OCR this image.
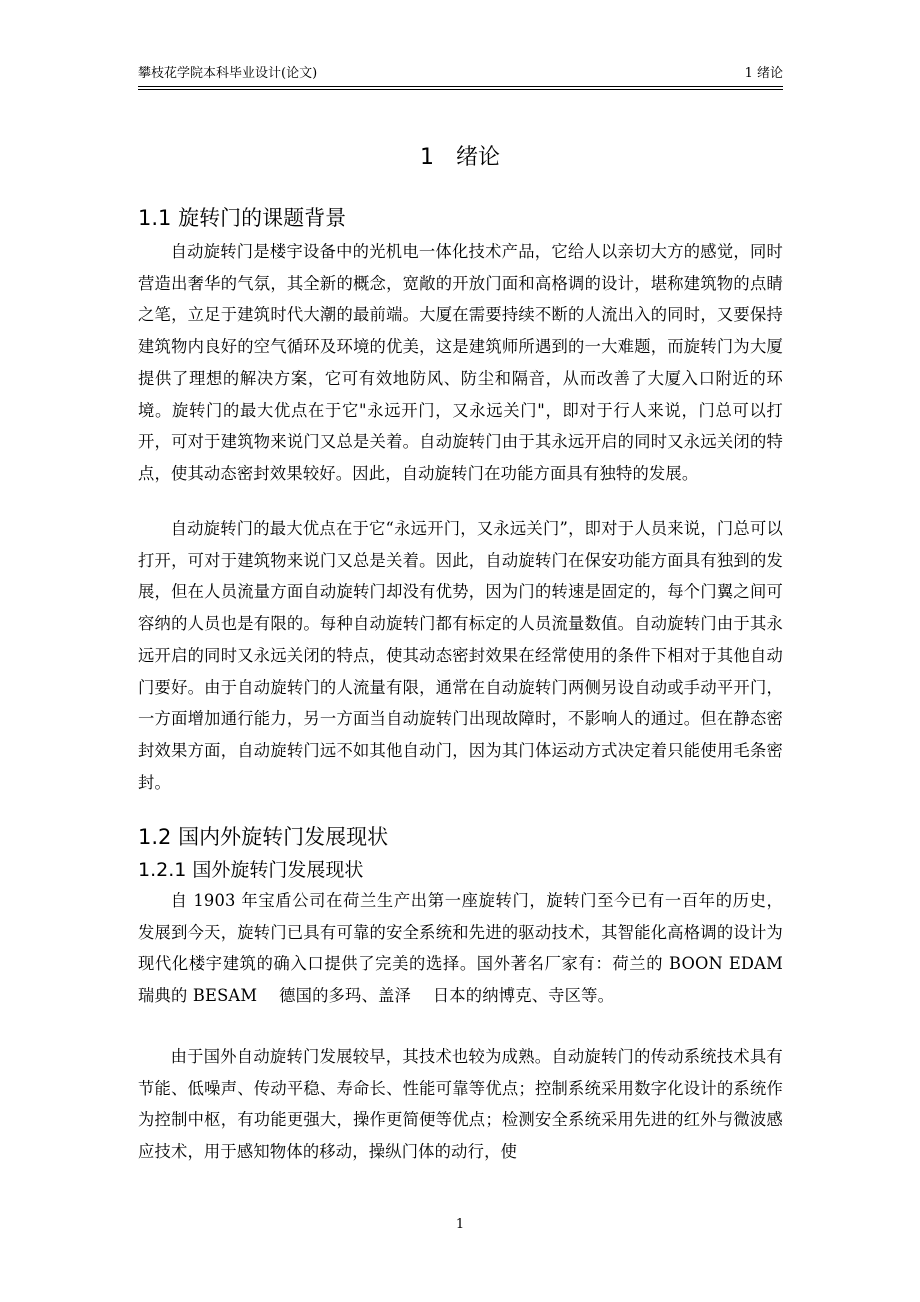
攀枝花学院本科毕业设计(论文)	1 绪论
1 绪论
1.1 旋转门的课题背景

自动旋转门是楼宇设备中的光机电一体化技术产品，它给人以亲切大方的感觉，同时营造出奢华的气氛，其全新的概念，宽敞的开放门面和高格调的设计，堪称建筑物的点睛之笔，立足于建筑时代大潮的最前端。大厦在需要持续不断的人流出入的同时，又要保持建筑物内良好的空气循环及环境的优美，这是建筑师所遇到的一大难题，而旋转门为大厦提供了理想的解决方案，它可有效地防风、防尘和隔音，从而改善了大厦入口附近的环境。旋转门的最大优点在于它"永远开门，又永远关门"，即对于行人来说，门总可以打开，可对于建筑物来说门又总是关着。自动旋转门由于其永远开启的同时又永远关闭的特点，使其动态密封效果较好。因此，自动旋转门在功能方面具有独特的发展。

自动旋转门的最大优点在于它“永远开门，又永远关门”，即对于人员来说，门总可以打开，可对于建筑物来说门又总是关着。因此，自动旋转门在保安功能方面具有独到的发展，但在人员流量方面自动旋转门却没有优势，因为门的转速是固定的，每个门翼之间可容纳的人员也是有限的。每种自动旋转门都有标定的人员流量数值。自动旋转门由于其永远开启的同时又永远关闭的特点，使其动态密封效果在经常使用的条件下相对于其他自动门要好。由于自动旋转门的人流量有限，通常在自动旋转门两侧另设自动或手动平开门，一方面增加通行能力，另一方面当自动旋转门出现故障时，不影响人的通过。但在静态密封效果方面，自动旋转门远不如其他自动门，因为其门体运动方式决定着只能使用毛条密封。

1.2 国内外旋转门发展现状
1.2.1 国外旋转门发展现状

自 1903 年宝盾公司在荷兰生产出第一座旋转门，旋转门至今已有一百年的历史，发展到今天，旋转门已具有可靠的安全系统和先进的驱动技术，其智能化高格调的设计为现代化楼宇建筑的确入口提供了完美的选择。国外著名厂家有：荷兰的 BOON EDAM　 瑞典的 BESAM　 德国的多玛、盖泽　 日本的纳博克、寺区等。

由于国外自动旋转门发展较早，其技术也较为成熟。自动旋转门的传动系统技术具有节能、低噪声、传动平稳、寿命长、性能可靠等优点；控制系统采用数字化设计的系统作为控制中枢，有功能更强大，操作更简便等优点；检测安全系统采用先进的红外与微波感应技术，用于感知物体的移动，操纵门体的动行，使

1
